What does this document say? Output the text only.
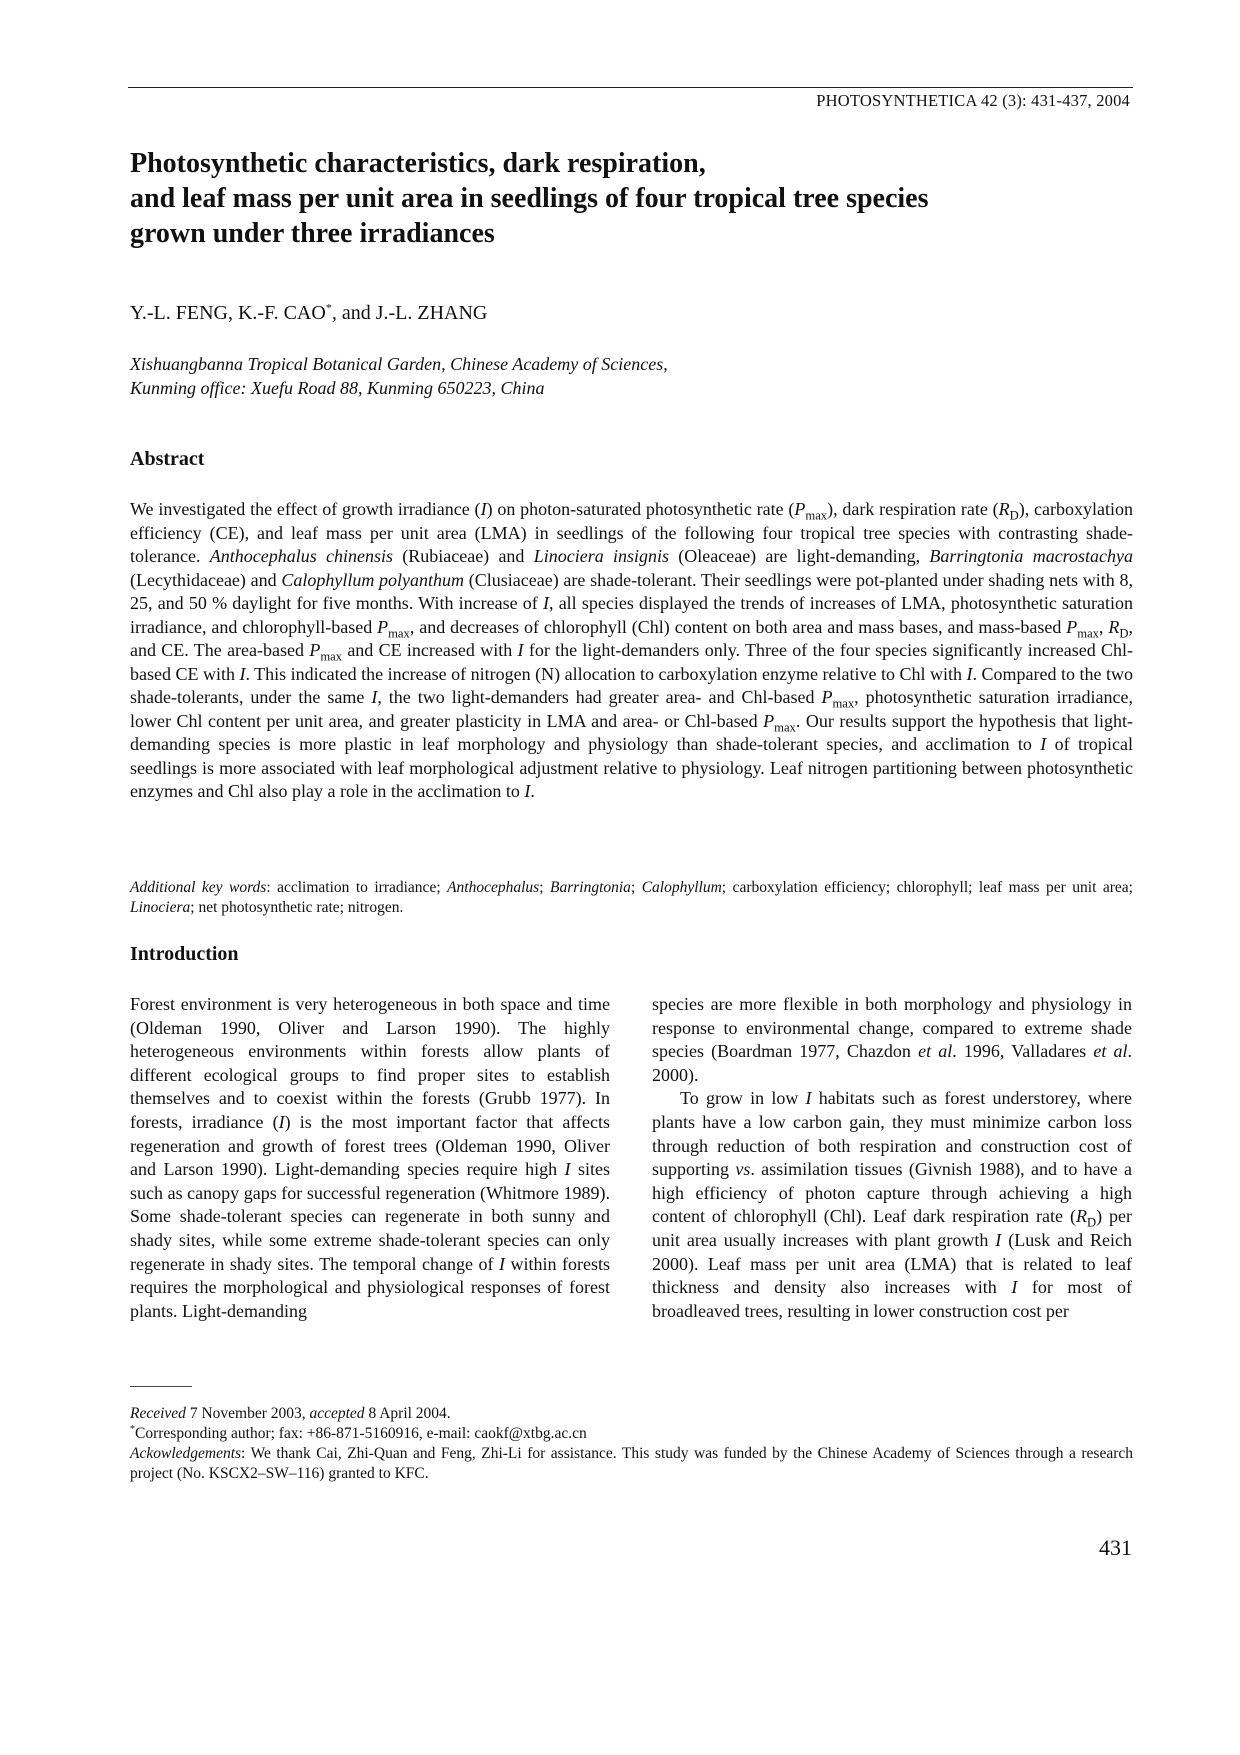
PHOTOSYNTHETICA 42 (3): 431-437, 2004
Photosynthetic characteristics, dark respiration,
and leaf mass per unit area in seedlings of four tropical tree species
grown under three irradiances
Y.-L. FENG, K.-F. CAO*, and J.-L. ZHANG
Xishuangbanna Tropical Botanical Garden, Chinese Academy of Sciences,
Kunming office: Xuefu Road 88, Kunming 650223, China
Abstract

We investigated the effect of growth irradiance (I) on photon-saturated photosynthetic rate $(P_{max})$, dark respiration rate $(R_D)$, carboxylation efficiency (CE), and leaf mass per unit area (LMA) in seedlings of the following four tropical tree species with contrasting shade-tolerance. Anthocephalus chinensis (Rubiaceae) and Linociera insignis (Oleaceae) are light-demanding, Barringtonia macrostachya (Lecythidaceae) and Calophyllum polyanthum (Clusiaceae) are shade-tolerant. Their seedlings were pot-planted under shading nets with 8, 25, and 50 % daylight for five months. With increase of I, all species displayed the trends of increases of LMA, photosynthetic saturation irradiance, and chlorophyll-based $P_{max}$, and decreases of chlorophyll (Chl) content on both area and mass bases, and mass-based $P_{max}$, $R_D$, and CE. The area-based $P_{max}$ and CE increased with I for the light-demanders only. Three of the four species significantly increased Chl-based CE with I. This indicated the increase of nitrogen (N) allocation to carboxylation enzyme relative to Chl with I. Compared to the two shade-tolerants, under the same I, the two light-demanders had greater area- and Chl-based $P_{max}$, photosynthetic saturation irradiance, lower Chl content per unit area, and greater plasticity in LMA and area- or Chl-based $P_{max}$. Our results support the hypothesis that light-demanding species is more plastic in leaf morphology and physiology than shade-tolerant species, and acclimation to I of tropical seedlings is more associated with leaf morphological adjustment relative to physiology. Leaf nitrogen partitioning between photosynthetic enzymes and Chl also play a role in the acclimation to I.

Additional key words: acclimation to irradiance; Anthocephalus; Barringtonia; Calophyllum; carboxylation efficiency; chlorophyll; leaf mass per unit area; Linociera; net photosynthetic rate; nitrogen.

Introduction

Forest environment is very heterogeneous in both space and time (Oldeman 1990, Oliver and Larson 1990). The highly heterogeneous environments within forests allow plants of different ecological groups to find proper sites to establish themselves and to coexist within the forests (Grubb 1977). In forests, irradiance (I) is the most important factor that affects regeneration and growth of forest trees (Oldeman 1990, Oliver and Larson 1990). Light-demanding species require high I sites such as canopy gaps for successful regeneration (Whitmore 1989). Some shade-tolerant species can regenerate in both sunny and shady sites, while some extreme shade-tolerant species can only regenerate in shady sites. The temporal change of I within forests requires the morphological and physiological responses of forest plants. Light-demanding

species are more flexible in both morphology and physiology in response to environmental change, compared to extreme shade species (Boardman 1977, Chazdon et al. 1996, Valladares et al. 2000).

To grow in low I habitats such as forest understorey, where plants have a low carbon gain, they must minimize carbon loss through reduction of both respiration and construction cost of supporting vs. assimilation tissues (Givnish 1988), and to have a high efficiency of photon capture through achieving a high content of chlorophyll (Chl). Leaf dark respiration rate $(R_D)$ per unit area usually increases with plant growth I (Lusk and Reich 2000). Leaf mass per unit area (LMA) that is related to leaf thickness and density also increases with I for most of broadleaved trees, resulting in lower construction cost per

Received 7 November 2003, accepted 8 April 2004.
*Corresponding author; fax: +86-871-5160916, e-mail: caokf@xtbg.ac.cn
Ackowledgements: We thank Cai, Zhi-Quan and Feng, Zhi-Li for assistance. This study was funded by the Chinese Academy of Sciences through a research project (No. KSCX2–SW–116) granted to KFC.
431
